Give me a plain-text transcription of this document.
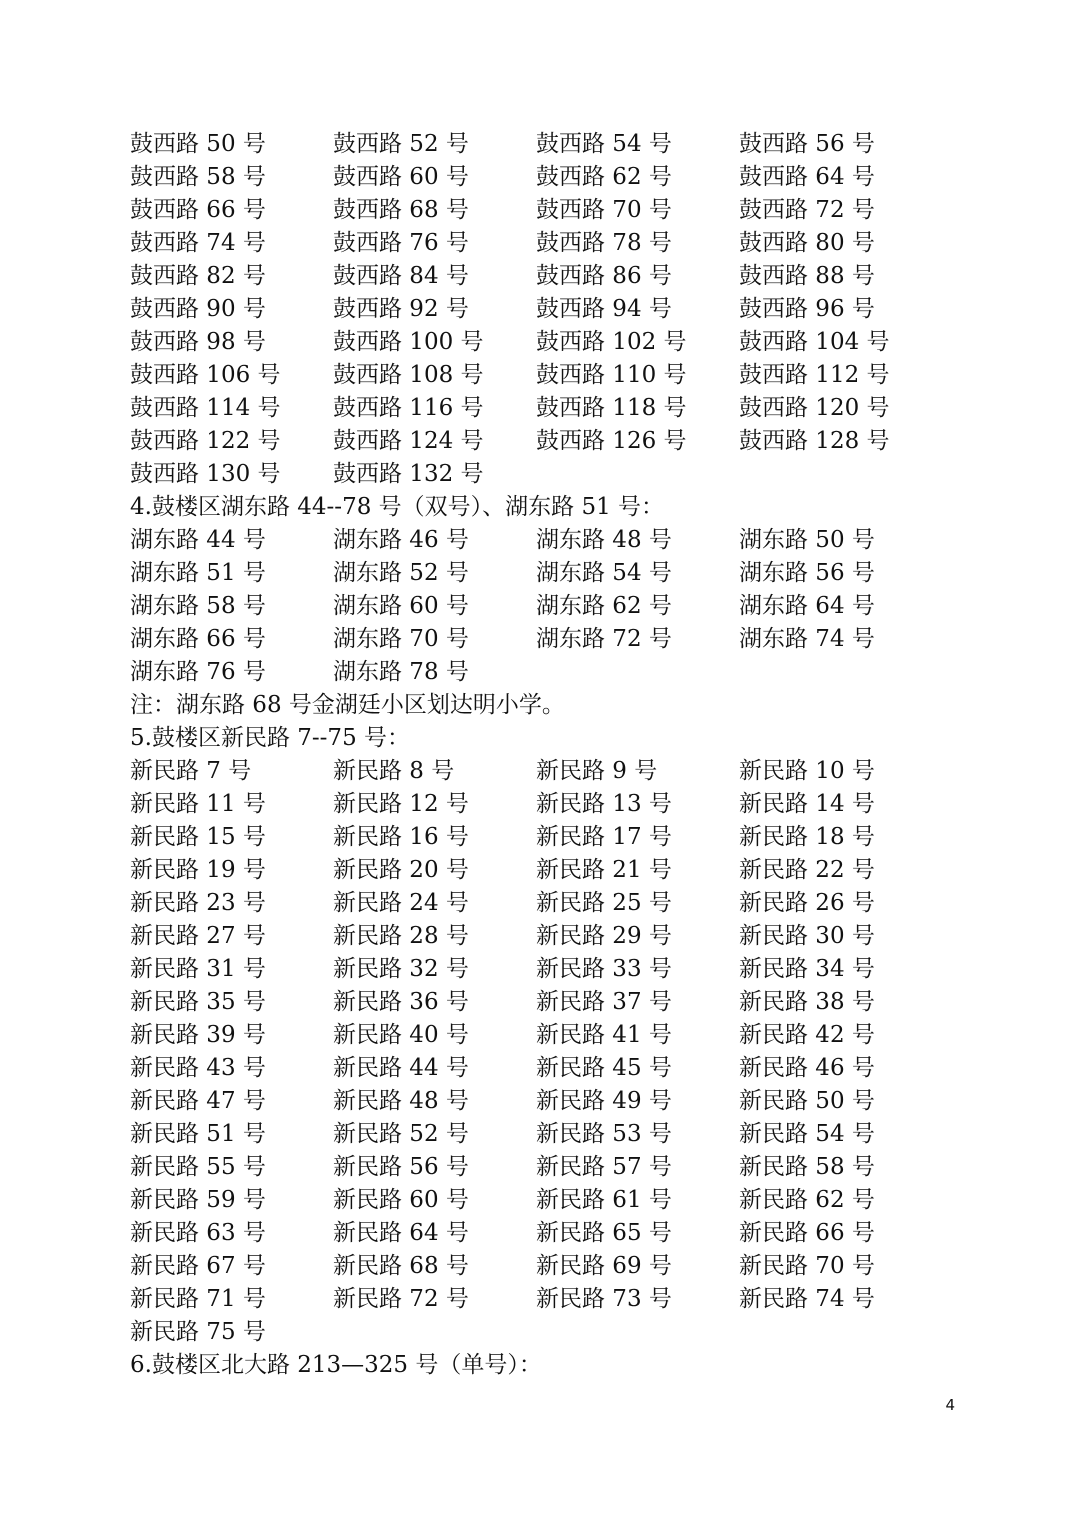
鼓西路 50 号	鼓西路 52 号	鼓西路 54 号	鼓西路 56 号
鼓西路 58 号	鼓西路 60 号	鼓西路 62 号	鼓西路 64 号
鼓西路 66 号	鼓西路 68 号	鼓西路 70 号	鼓西路 72 号
鼓西路 74 号	鼓西路 76 号	鼓西路 78 号	鼓西路 80 号
鼓西路 82 号	鼓西路 84 号	鼓西路 86 号	鼓西路 88 号
鼓西路 90 号	鼓西路 92 号	鼓西路 94 号	鼓西路 96 号
鼓西路 98 号	鼓西路 100 号	鼓西路 102 号	鼓西路 104 号
鼓西路 106 号	鼓西路 108 号	鼓西路 110 号	鼓西路 112 号
鼓西路 114 号	鼓西路 116 号	鼓西路 118 号	鼓西路 120 号
鼓西路 122 号	鼓西路 124 号	鼓西路 126 号	鼓西路 128 号
鼓西路 130 号	鼓西路 132 号
4.鼓楼区湖东路 44--78 号（双号）、湖东路 51 号：
湖东路 44 号	湖东路 46 号	湖东路 48 号	湖东路 50 号
湖东路 51 号	湖东路 52 号	湖东路 54 号	湖东路 56 号
湖东路 58 号	湖东路 60 号	湖东路 62 号	湖东路 64 号
湖东路 66 号	湖东路 70 号	湖东路 72 号	湖东路 74 号
湖东路 76 号	湖东路 78 号
注：湖东路 68 号金湖廷小区划达明小学。
5.鼓楼区新民路 7--75 号：
新民路 7 号	新民路 8 号	新民路 9 号	新民路 10 号
新民路 11 号	新民路 12 号	新民路 13 号	新民路 14 号
新民路 15 号	新民路 16 号	新民路 17 号	新民路 18 号
新民路 19 号	新民路 20 号	新民路 21 号	新民路 22 号
新民路 23 号	新民路 24 号	新民路 25 号	新民路 26 号
新民路 27 号	新民路 28 号	新民路 29 号	新民路 30 号
新民路 31 号	新民路 32 号	新民路 33 号	新民路 34 号
新民路 35 号	新民路 36 号	新民路 37 号	新民路 38 号
新民路 39 号	新民路 40 号	新民路 41 号	新民路 42 号
新民路 43 号	新民路 44 号	新民路 45 号	新民路 46 号
新民路 47 号	新民路 48 号	新民路 49 号	新民路 50 号
新民路 51 号	新民路 52 号	新民路 53 号	新民路 54 号
新民路 55 号	新民路 56 号	新民路 57 号	新民路 58 号
新民路 59 号	新民路 60 号	新民路 61 号	新民路 62 号
新民路 63 号	新民路 64 号	新民路 65 号	新民路 66 号
新民路 67 号	新民路 68 号	新民路 69 号	新民路 70 号
新民路 71 号	新民路 72 号	新民路 73 号	新民路 74 号
新民路 75 号
6.鼓楼区北大路 213—325 号（单号）：
4
